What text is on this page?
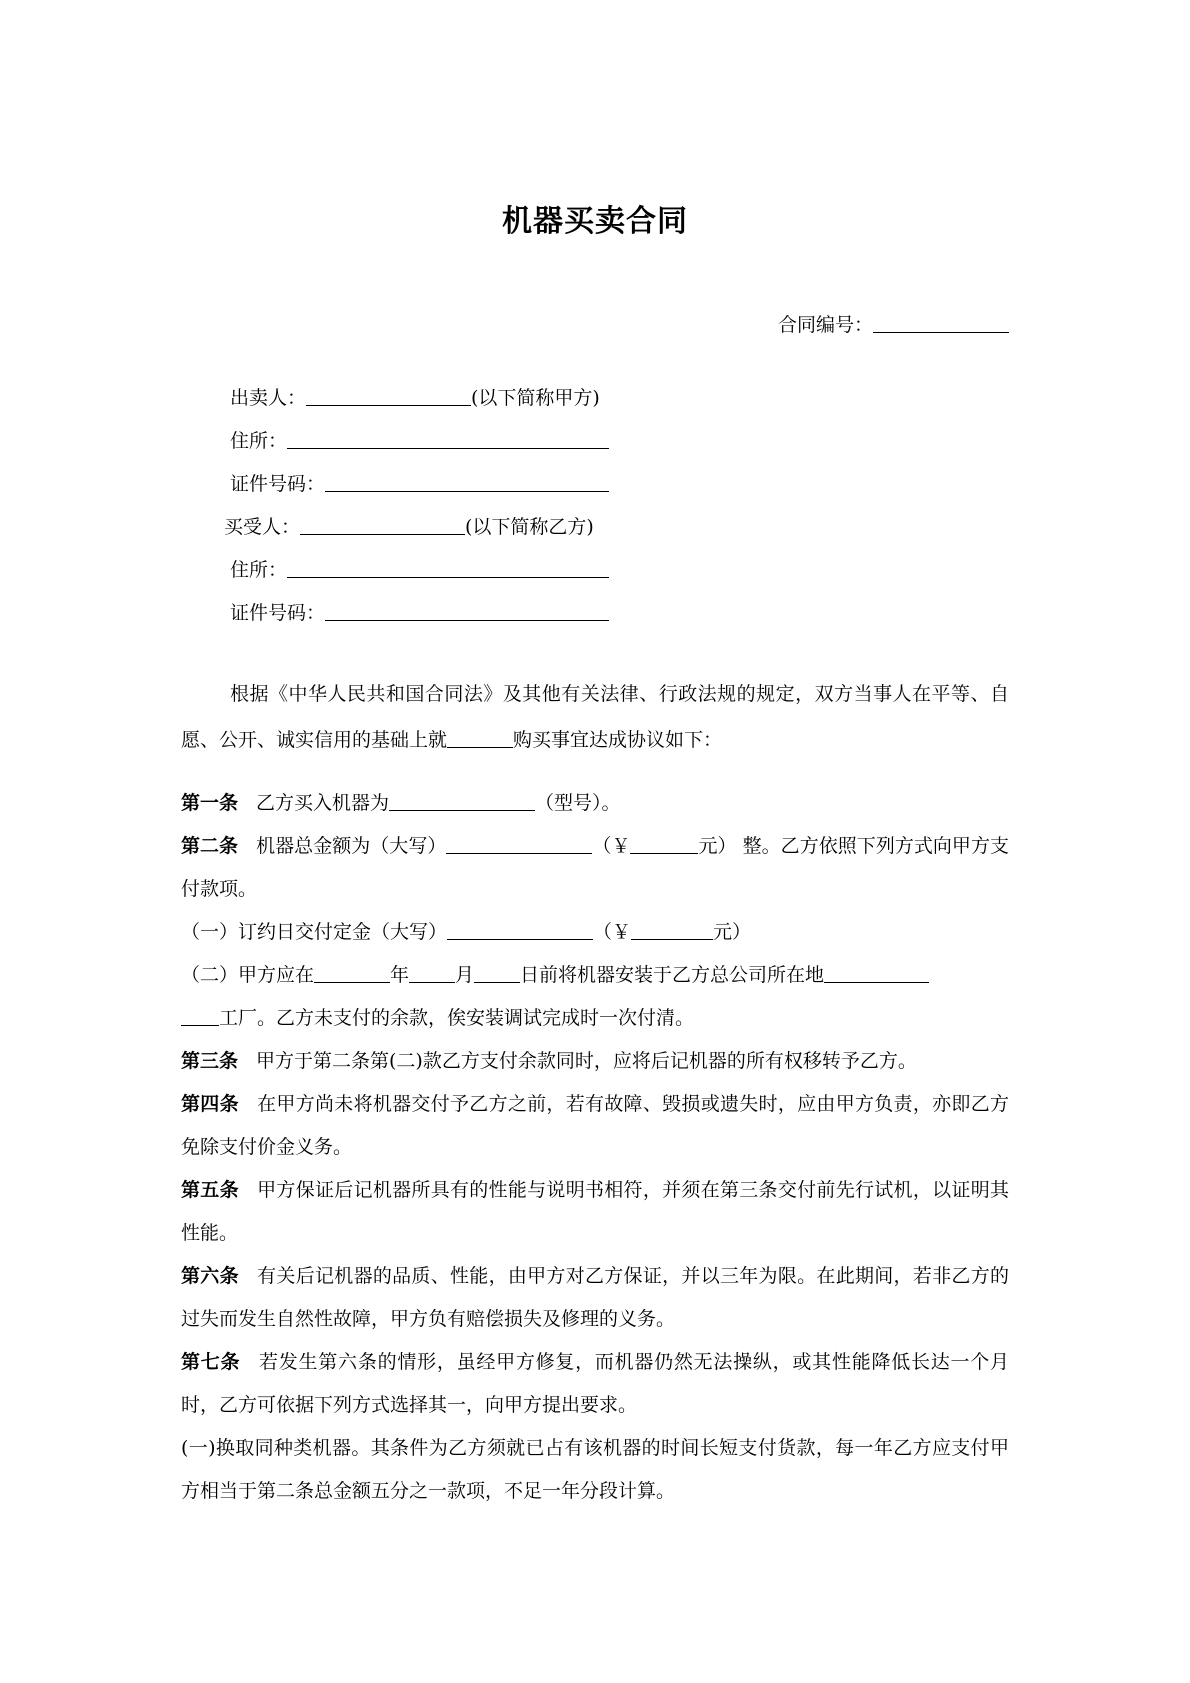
机器买卖合同
合同编号：
出卖人：	(以下简称甲方)
住所：
证件号码：
买受人：	(以下简称乙方)
住所：
证件号码：

根据《中华人民共和国合同法》及其他有关法律、行政法规的规定，双方当事人在平等、自愿、公开、诚实信用的基础上就	购买事宜达成协议如下：

第一条 乙方买入机器为	（型号）。
第二条 机器总金额为（大写）	（￥	元） 整。乙方依照下列方式向甲方支付款项。
（一）订约日交付定金（大写）	（￥	元）
（二）甲方应在	年 月 日前将机器安装于乙方总公司所在地
工厂。乙方未支付的余款，俟安装调试完成时一次付清。
第三条 甲方于第二条第(二)款乙方支付余款同时，应将后记机器的所有权移转予乙方。
第四条 在甲方尚未将机器交付予乙方之前，若有故障、毁损或遗失时，应由甲方负责，亦即乙方免除支付价金义务。
第五条 甲方保证后记机器所具有的性能与说明书相符，并须在第三条交付前先行试机，以证明其性能。
第六条 有关后记机器的品质、性能，由甲方对乙方保证，并以三年为限。在此期间，若非乙方的过失而发生自然性故障，甲方负有赔偿损失及修理的义务。
第七条 若发生第六条的情形，虽经甲方修复，而机器仍然无法操纵，或其性能降低长达一个月时，乙方可依据下列方式选择其一，向甲方提出要求。
(一)换取同种类机器。其条件为乙方须就已占有该机器的时间长短支付货款，每一年乙方应支付甲方相当于第二条总金额五分之一款项，不足一年分段计算。
